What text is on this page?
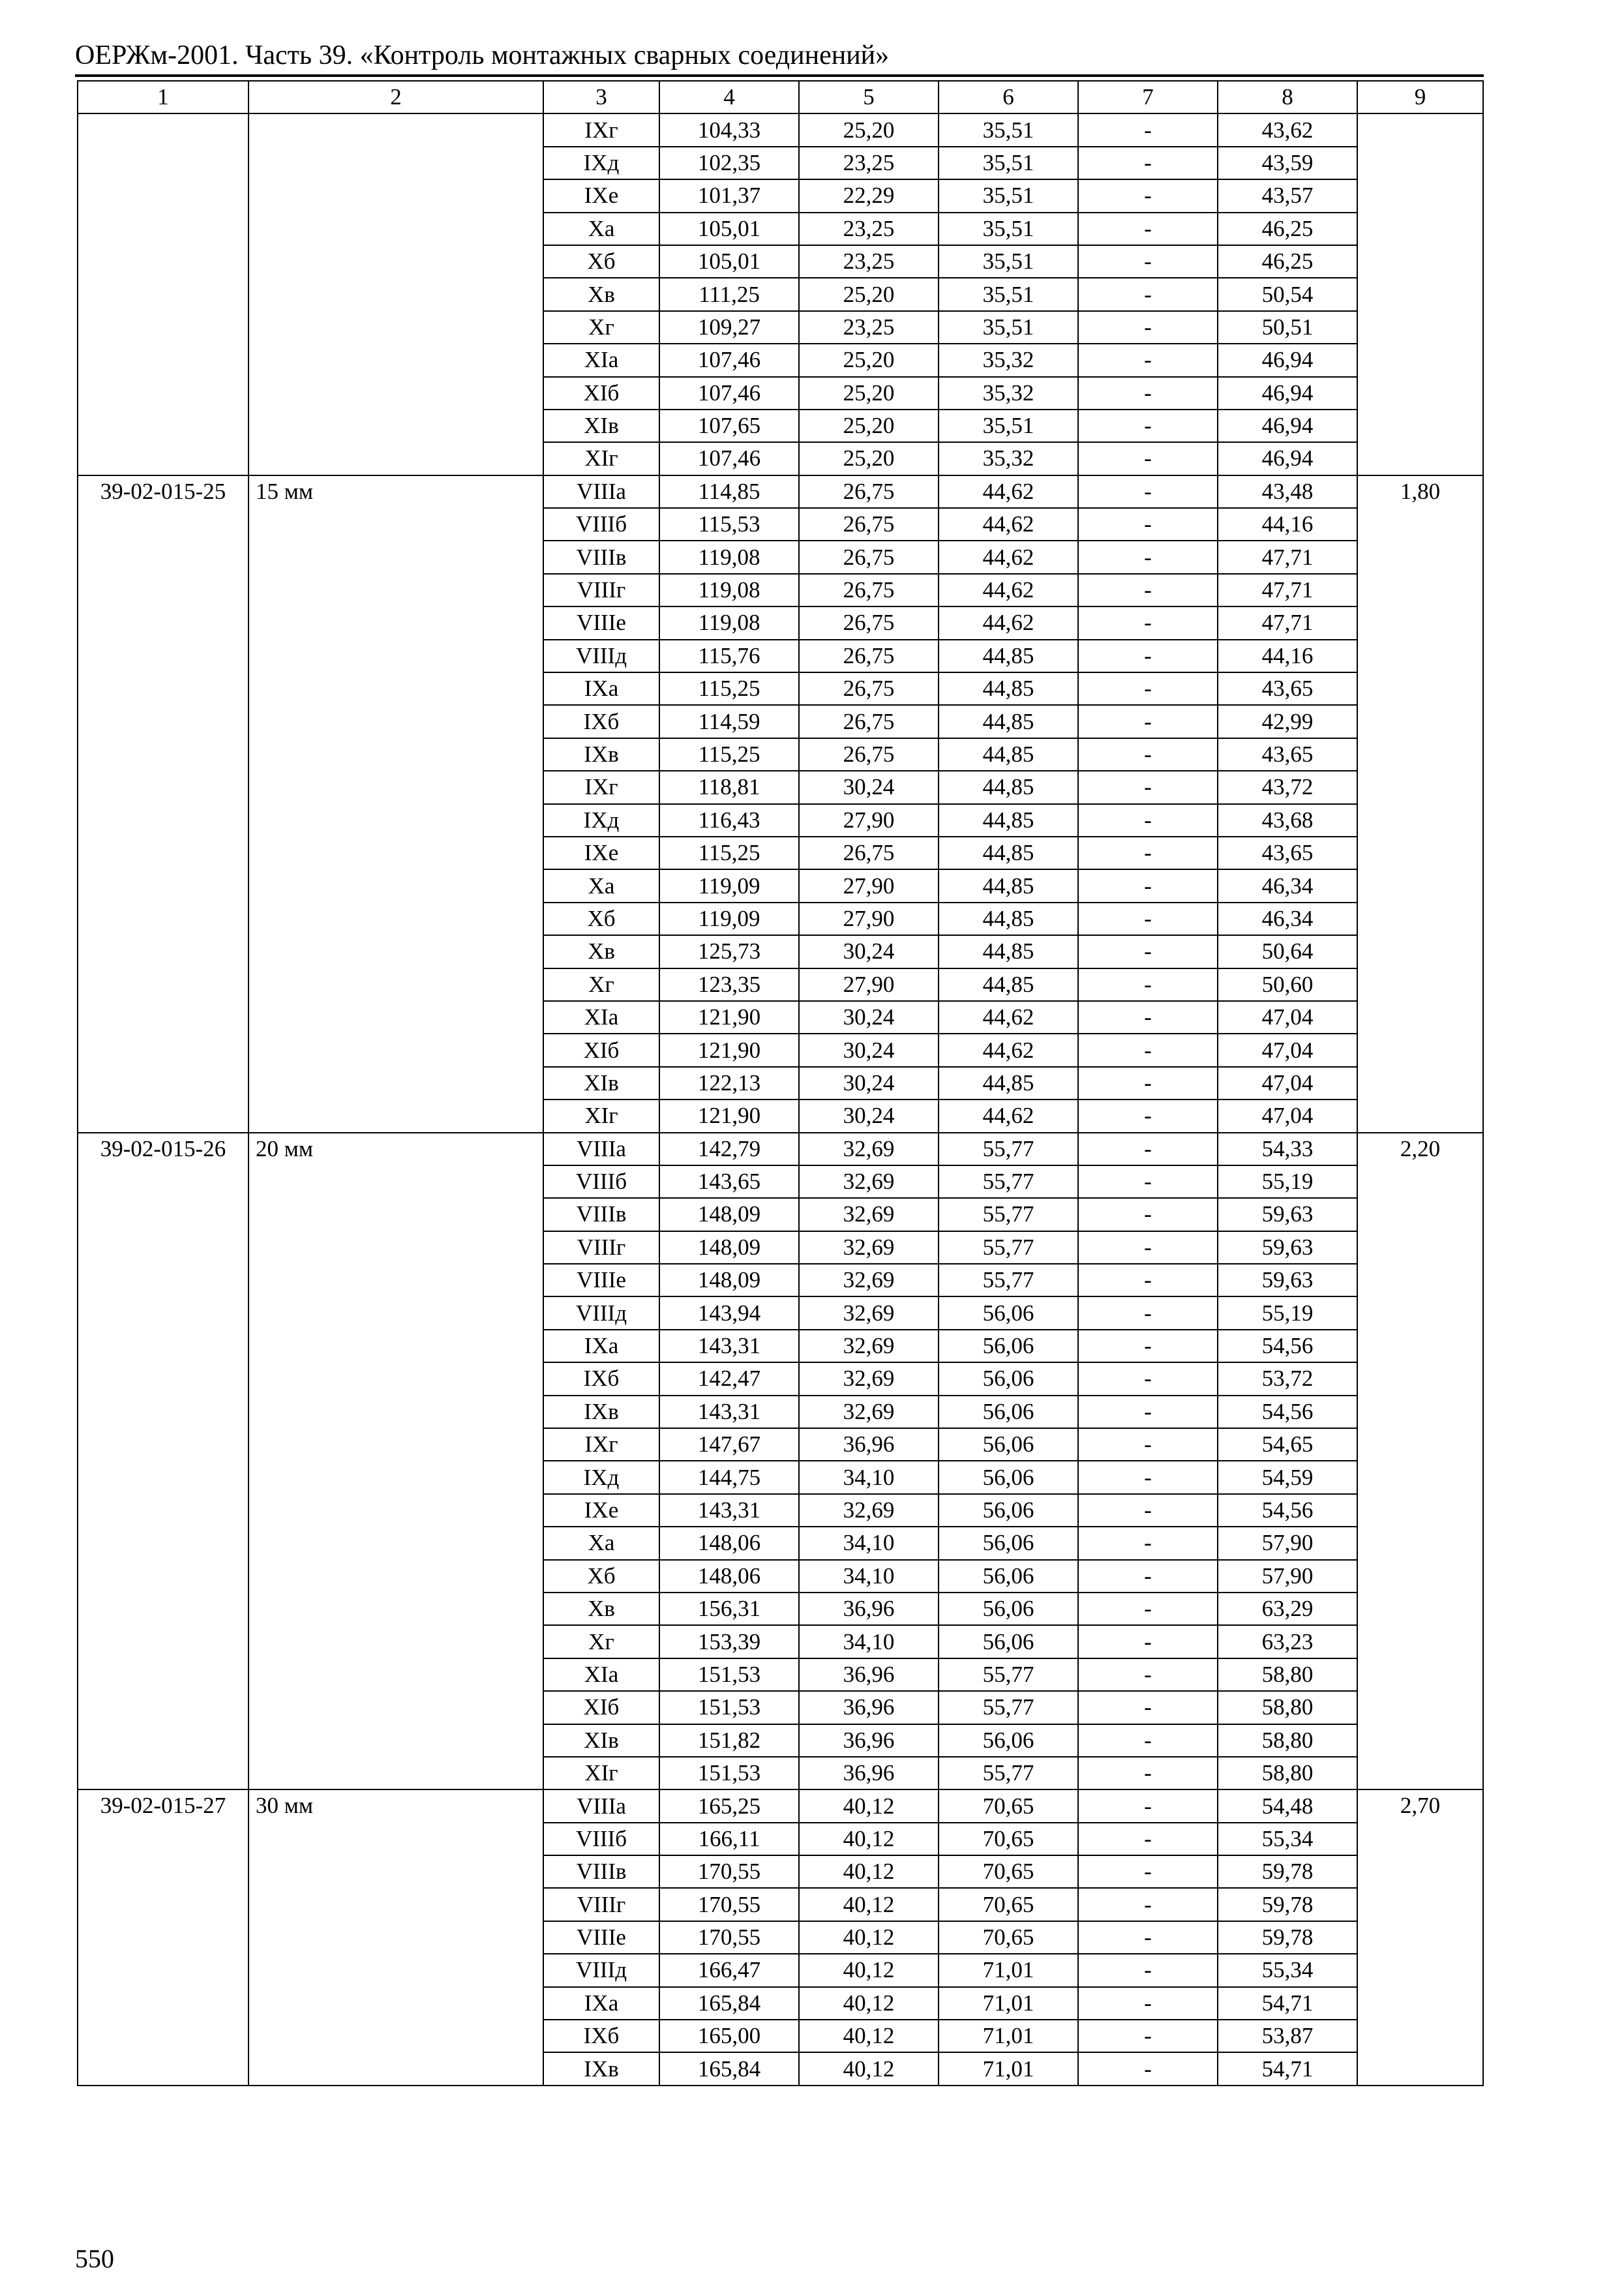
ОЕРЖм-2001. Часть 39. «Контроль монтажных сварных соединений»
1	2	3	4	5	6	7	8	9
		IXг	104,33	25,20	35,51	-	43,62	
		IXд	102,35	23,25	35,51	-	43,59	
		IXе	101,37	22,29	35,51	-	43,57	
		Xа	105,01	23,25	35,51	-	46,25	
		Xб	105,01	23,25	35,51	-	46,25	
		Xв	111,25	25,20	35,51	-	50,54	
		Xг	109,27	23,25	35,51	-	50,51	
		XIа	107,46	25,20	35,32	-	46,94	
		XIб	107,46	25,20	35,32	-	46,94	
		XIв	107,65	25,20	35,51	-	46,94	
		XIг	107,46	25,20	35,32	-	46,94	
39-02-015-25	15 мм	VIIIа	114,85	26,75	44,62	-	43,48	1,80
		VIIIб	115,53	26,75	44,62	-	44,16	
		VIIIв	119,08	26,75	44,62	-	47,71	
		VIIIг	119,08	26,75	44,62	-	47,71	
		VIIIе	119,08	26,75	44,62	-	47,71	
		VIIIд	115,76	26,75	44,85	-	44,16	
		IXа	115,25	26,75	44,85	-	43,65	
		IXб	114,59	26,75	44,85	-	42,99	
		IXв	115,25	26,75	44,85	-	43,65	
		IXг	118,81	30,24	44,85	-	43,72	
		IXд	116,43	27,90	44,85	-	43,68	
		IXе	115,25	26,75	44,85	-	43,65	
		Xа	119,09	27,90	44,85	-	46,34	
		Xб	119,09	27,90	44,85	-	46,34	
		Xв	125,73	30,24	44,85	-	50,64	
		Xг	123,35	27,90	44,85	-	50,60	
		XIа	121,90	30,24	44,62	-	47,04	
		XIб	121,90	30,24	44,62	-	47,04	
		XIв	122,13	30,24	44,85	-	47,04	
		XIг	121,90	30,24	44,62	-	47,04	
39-02-015-26	20 мм	VIIIа	142,79	32,69	55,77	-	54,33	2,20
		VIIIб	143,65	32,69	55,77	-	55,19	
		VIIIв	148,09	32,69	55,77	-	59,63	
		VIIIг	148,09	32,69	55,77	-	59,63	
		VIIIе	148,09	32,69	55,77	-	59,63	
		VIIIд	143,94	32,69	56,06	-	55,19	
		IXа	143,31	32,69	56,06	-	54,56	
		IXб	142,47	32,69	56,06	-	53,72	
		IXв	143,31	32,69	56,06	-	54,56	
		IXг	147,67	36,96	56,06	-	54,65	
		IXд	144,75	34,10	56,06	-	54,59	
		IXе	143,31	32,69	56,06	-	54,56	
		Xа	148,06	34,10	56,06	-	57,90	
		Xб	148,06	34,10	56,06	-	57,90	
		Xв	156,31	36,96	56,06	-	63,29	
		Xг	153,39	34,10	56,06	-	63,23	
		XIа	151,53	36,96	55,77	-	58,80	
		XIб	151,53	36,96	55,77	-	58,80	
		XIв	151,82	36,96	56,06	-	58,80	
		XIг	151,53	36,96	55,77	-	58,80	
39-02-015-27	30 мм	VIIIа	165,25	40,12	70,65	-	54,48	2,70
		VIIIб	166,11	40,12	70,65	-	55,34	
		VIIIв	170,55	40,12	70,65	-	59,78	
		VIIIг	170,55	40,12	70,65	-	59,78	
		VIIIе	170,55	40,12	70,65	-	59,78	
		VIIIд	166,47	40,12	71,01	-	55,34	
		IXа	165,84	40,12	71,01	-	54,71	
		IXб	165,00	40,12	71,01	-	53,87	
		IXв	165,84	40,12	71,01	-	54,71	
550
